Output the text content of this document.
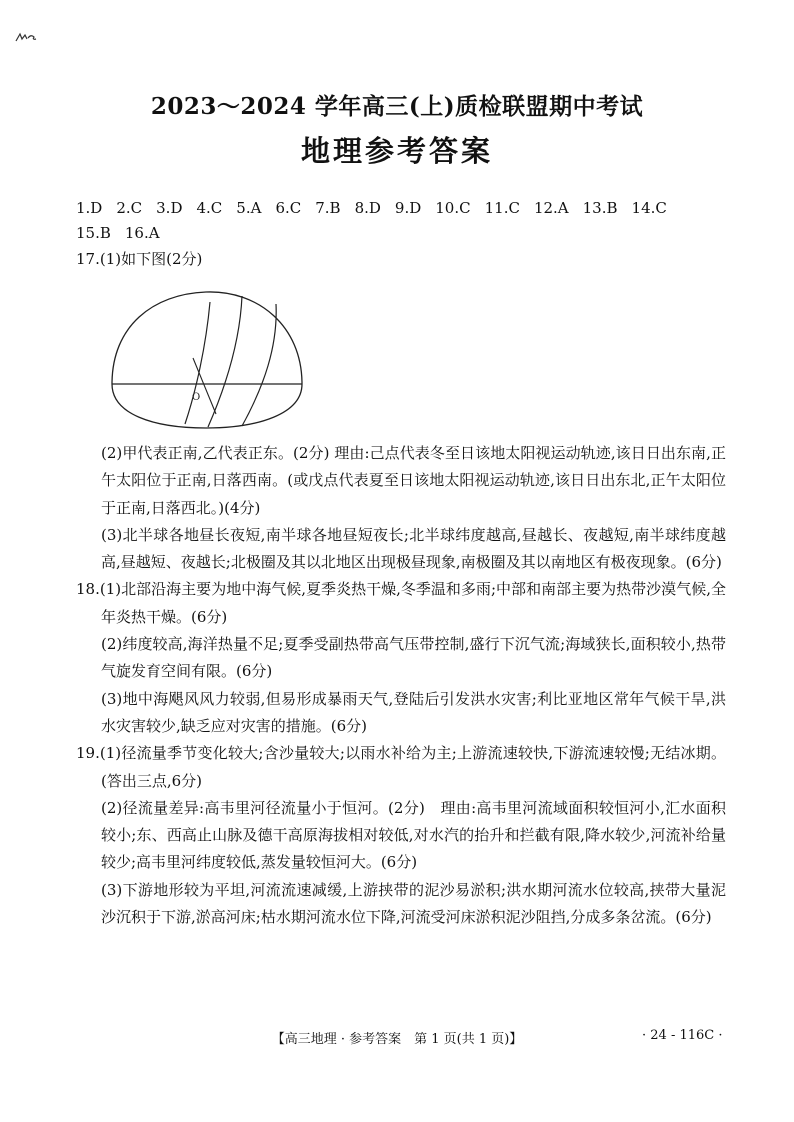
2023～2024 学年高三(上)质检联盟期中考试
地理参考答案
1.D 2.C 3.D 4.C 5.A 6.C 7.B 8.D 9.D 10.C 11.C 12.A 13.B 14.C
15.B 16.A
17.(1)如下图(2分)
O

(2)甲代表正南,乙代表正东。(2分) 理由:己点代表冬至日该地太阳视运动轨迹,该日日出东南,正午太阳位于正南,日落西南。(或戊点代表夏至日该地太阳视运动轨迹,该日日出东北,正午太阳位于正南,日落西北。)(4分)

(3)北半球各地昼长夜短,南半球各地昼短夜长;北半球纬度越高,昼越长、夜越短,南半球纬度越高,昼越短、夜越长;北极圈及其以北地区出现极昼现象,南极圈及其以南地区有极夜现象。(6分)

18.(1)北部沿海主要为地中海气候,夏季炎热干燥,冬季温和多雨;中部和南部主要为热带沙漠气候,全年炎热干燥。(6分)

(2)纬度较高,海洋热量不足;夏季受副热带高气压带控制,盛行下沉气流;海域狭长,面积较小,热带气旋发育空间有限。(6分)

(3)地中海飓风风力较弱,但易形成暴雨天气,登陆后引发洪水灾害;利比亚地区常年气候干旱,洪水灾害较少,缺乏应对灾害的措施。(6分)

19.(1)径流量季节变化较大;含沙量较大;以雨水补给为主;上游流速较快,下游流速较慢;无结冰期。(答出三点,6分)

(2)径流量差异:高韦里河径流量小于恒河。(2分)　理由:高韦里河流域面积较恒河小,汇水面积较小;东、西高止山脉及德干高原海拔相对较低,对水汽的抬升和拦截有限,降水较少,河流补给量较少;高韦里河纬度较低,蒸发量较恒河大。(6分)

(3)下游地形较为平坦,河流流速减缓,上游挟带的泥沙易淤积;洪水期河流水位较高,挟带大量泥沙沉积于下游,淤高河床;枯水期河流水位下降,河流受河床淤积泥沙阻挡,分成多条岔流。(6分)

【高三地理 · 参考答案　第 1 页(共 1 页)】	· 24 - 116C ·
